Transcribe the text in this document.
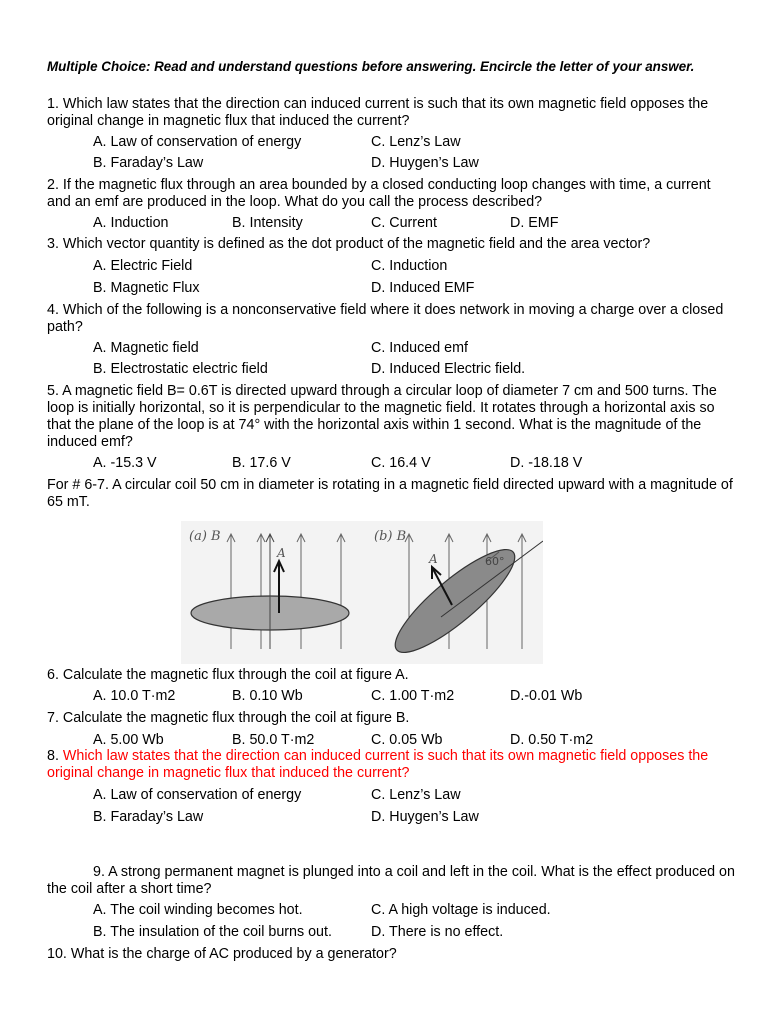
Multiple Choice: Read and understand questions before answering. Encircle the letter of your answer.
1. Which law states that the direction can induced current is such that its own magnetic field opposes the original change in magnetic flux that induced the current?
A. Law of conservation of energy	C. Lenz’s Law
B. Faraday’s Law	D. Huygen’s Law
2. If the magnetic flux through an area bounded by a closed conducting loop changes with time, a current and an emf are produced in the loop. What do you call the process described?
A. Induction	B. Intensity	C. Current	D. EMF
3. Which vector quantity is defined as the dot product of the magnetic field and the area vector?
A. Electric Field	C. Induction
B. Magnetic Flux	D. Induced EMF
4. Which of the following is a nonconservative field where it does network in moving a charge over a closed path?
A. Magnetic field	C. Induced emf
B. Electrostatic electric field	D. Induced Electric field.
5. A magnetic field B= 0.6T is directed upward through a circular loop of diameter 7 cm and 500 turns. The loop is initially horizontal, so it is perpendicular to the magnetic field. It rotates through a horizontal axis so that the plane of the loop is at 74° with the horizontal axis within 1 second. What is the magnitude of the induced emf?
A. -15.3 V	B. 17.6 V	C. 16.4 V	D. -18.18 V
For # 6-7. A circular coil 50 cm in diameter is rotating in a magnetic field directed upward with a magnitude of 65 mT.
(a) B
A
(b) B
A	60°
6. Calculate the magnetic flux through the coil at figure A.
A. 10.0 T·m2	B. 0.10 Wb	C. 1.00 T·m2	D.-0.01 Wb
7. Calculate the magnetic flux through the coil at figure B.
A. 5.00 Wb	B. 50.0 T·m2	C. 0.05 Wb	D. 0.50 T·m2
8. Which law states that the direction can induced current is such that its own magnetic field opposes the original change in magnetic flux that induced the current?
A. Law of conservation of energy	C. Lenz’s Law
B. Faraday’s Law	D. Huygen’s Law
9. A strong permanent magnet is plunged into a coil and left in the coil. What is the effect produced on the coil after a short time?
A. The coil winding becomes hot.	C. A high voltage is induced.
B. The insulation of the coil burns out.	D. There is no effect.
10. What is the charge of AC produced by a generator?
